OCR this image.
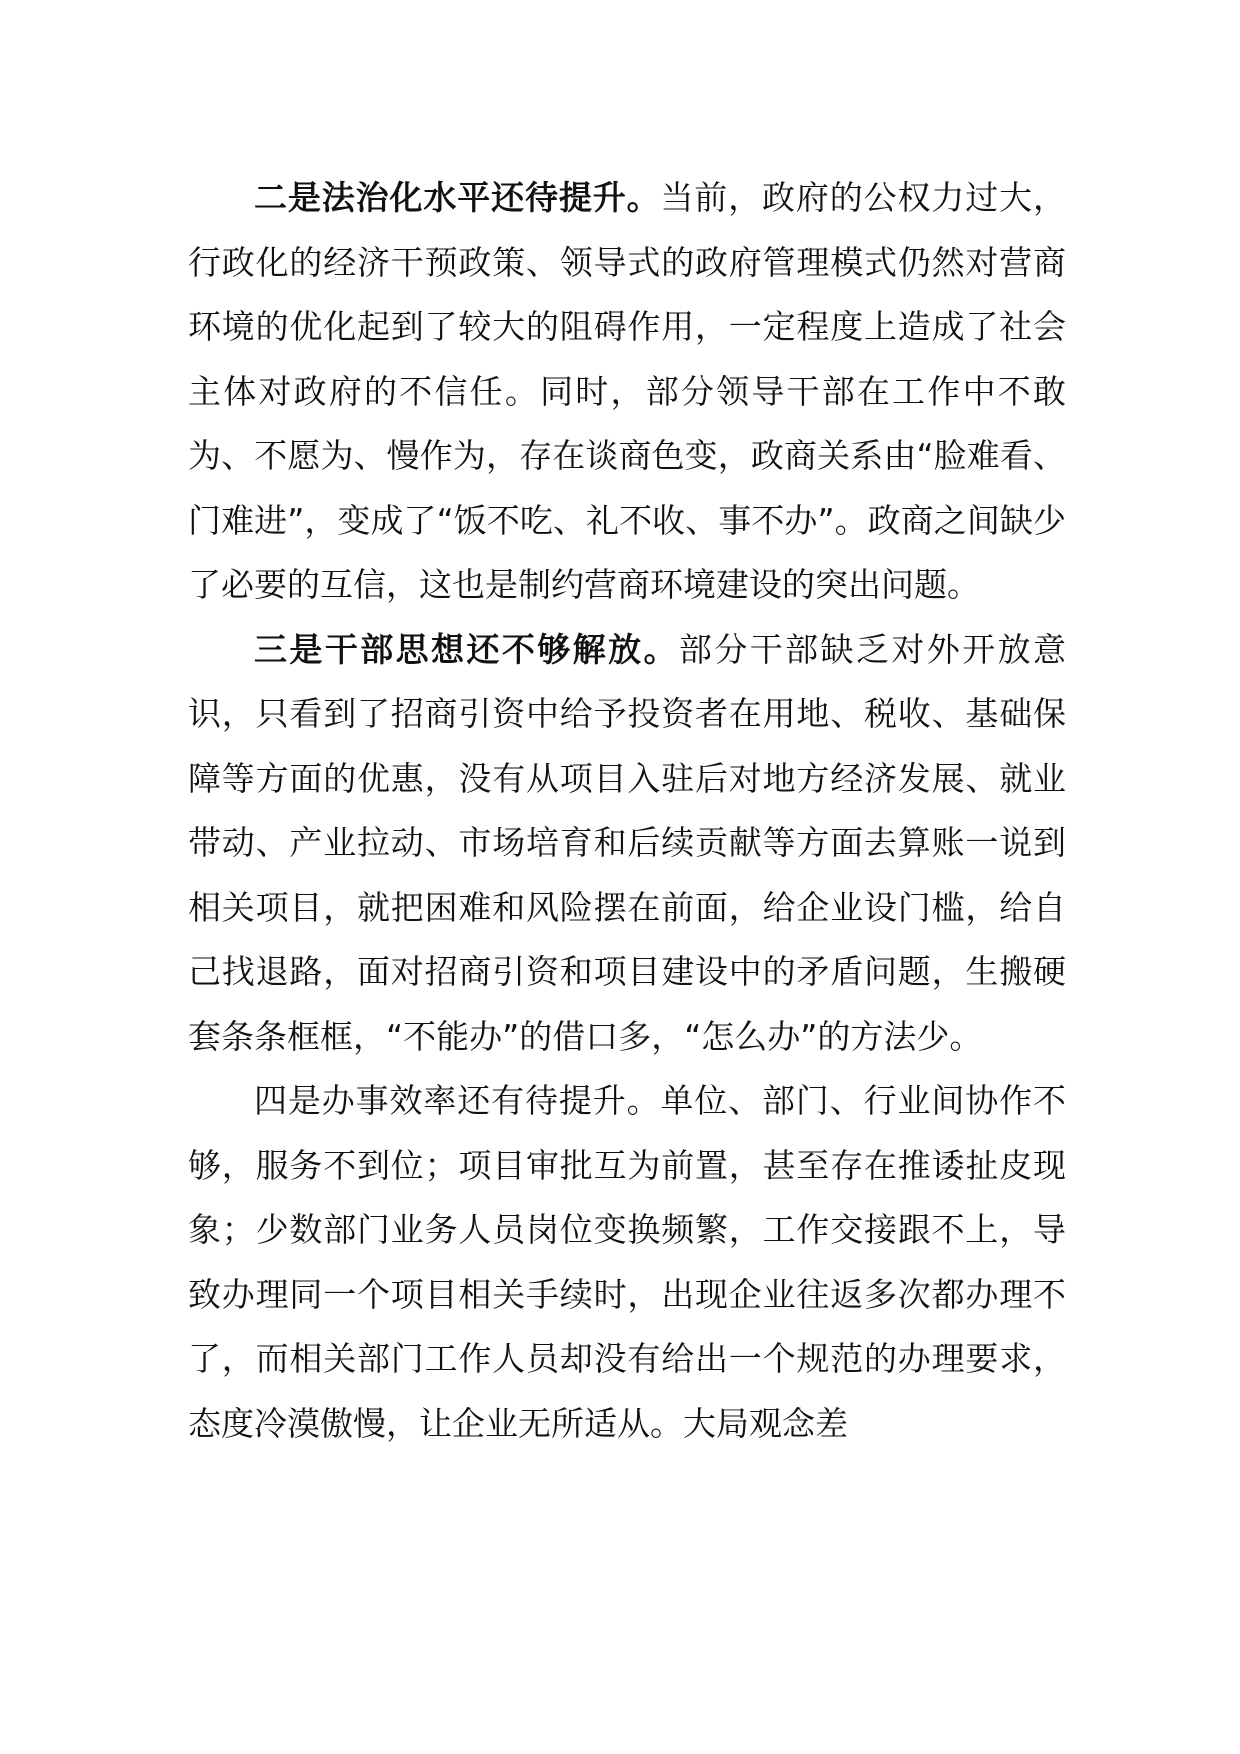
二是法治化水平还待提升。当前，政府的公权力过大，行政化的经济干预政策、领导式的政府管理模式仍然对营商环境的优化起到了较大的阻碍作用，一定程度上造成了社会主体对政府的不信任。同时，部分领导干部在工作中不敢为、不愿为、慢作为，存在谈商色变，政商关系由“脸难看、门难进”，变成了“饭不吃、礼不收、事不办”。政商之间缺少了必要的互信，这也是制约营商环境建设的突出问题。

三是干部思想还不够解放。部分干部缺乏对外开放意识，只看到了招商引资中给予投资者在用地、税收、基础保障等方面的优惠，没有从项目入驻后对地方经济发展、就业带动、产业拉动、市场培育和后续贡献等方面去算账一说到相关项目，就把困难和风险摆在前面，给企业设门槛，给自己找退路，面对招商引资和项目建设中的矛盾问题，生搬硬套条条框框，“不能办”的借口多，“怎么办”的方法少。

四是办事效率还有待提升。单位、部门、行业间协作不够，服务不到位；项目审批互为前置，甚至存在推诿扯皮现象；少数部门业务人员岗位变换频繁，工作交接跟不上，导致办理同一个项目相关手续时，出现企业往返多次都办理不了，而相关部门工作人员却没有给出一个规范的办理要求，态度冷漠傲慢，让企业无所适从。大局观念差
